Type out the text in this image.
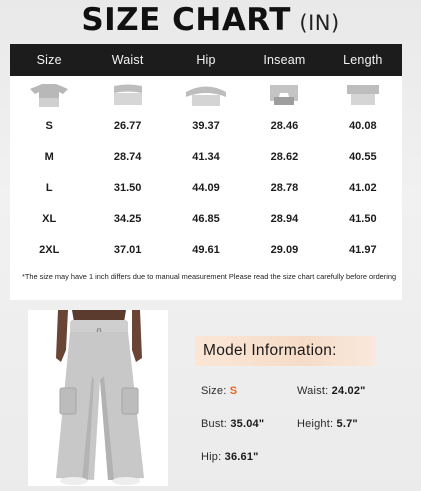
SIZE CHART (IN)
Size	Waist	Hip	Inseam	Length
S	26.77	39.37	28.46	40.08
M	28.74	41.34	28.62	40.55
L	31.50	44.09	28.78	41.02
XL	34.25	46.85	28.94	41.50
2XL	37.01	49.61	29.09	41.97
*The size may have 1 inch differs due to manual measurement Please read the size chart carefully before ordering
Model Information:
Size: S	Waist: 24.02"
Bust: 35.04"	Height: 5.7"
Hip: 36.61"
